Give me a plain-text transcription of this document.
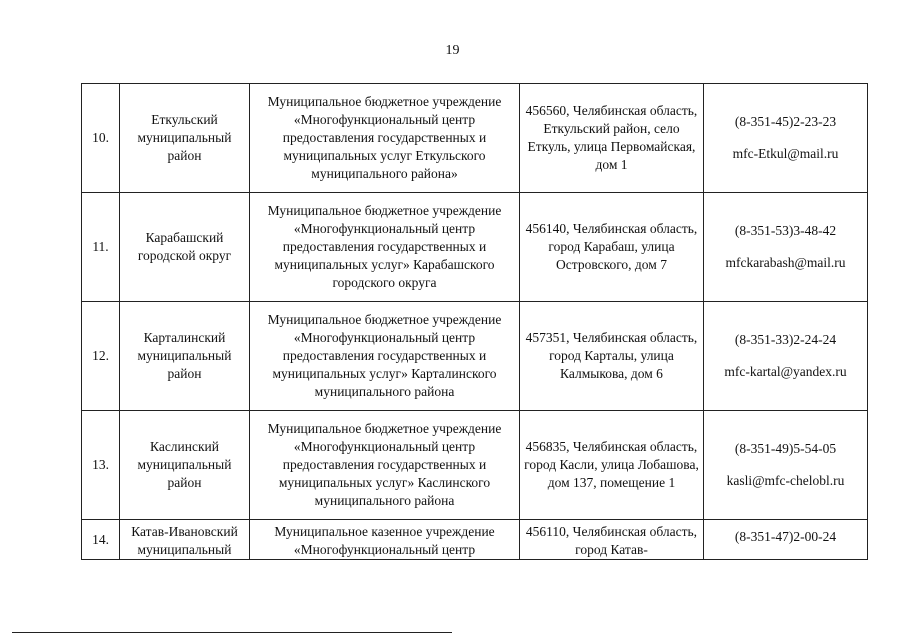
19
10.	Еткульский муниципальный район	Муниципальное бюджетное учреждение «Многофункциональный центр предоставления государственных и муниципальных услуг Еткульского муниципального района»	456560, Челябинская область, Еткульский район, село Еткуль, улица Первомайская, дом 1	(8-351-45)2-23-23
mfc-Etkul@mail.ru

11.	Карабашский городской округ	Муниципальное бюджетное учреждение «Многофункциональный центр предоставления государственных и муниципальных услуг» Карабашского городского округа	456140, Челябинская область, город Карабаш, улица Островского, дом 7	(8-351-53)3-48-42
mfckarabash@mail.ru

12.	Карталинский муниципальный район	Муниципальное бюджетное учреждение «Многофункциональный центр предоставления государственных и муниципальных услуг» Карталинского муниципального района	457351, Челябинская область, город Карталы, улица Калмыкова, дом 6	(8-351-33)2-24-24
mfc-kartal@yandex.ru

13.	Каслинский муниципальный район	Муниципальное бюджетное учреждение «Многофункциональный центр предоставления государственных и муниципальных услуг» Каслинского муниципального района	456835, Челябинская область, город Касли, улица Лобашова, дом 137, помещение 1	(8-351-49)5-54-05
kasli@mfc-chelobl.ru

14.	Катав-Ивановский муниципальный	Муниципальное казенное учреждение «Многофункциональный центр	456110, Челябинская область, город Катав-	(8-351-47)2-00-24
